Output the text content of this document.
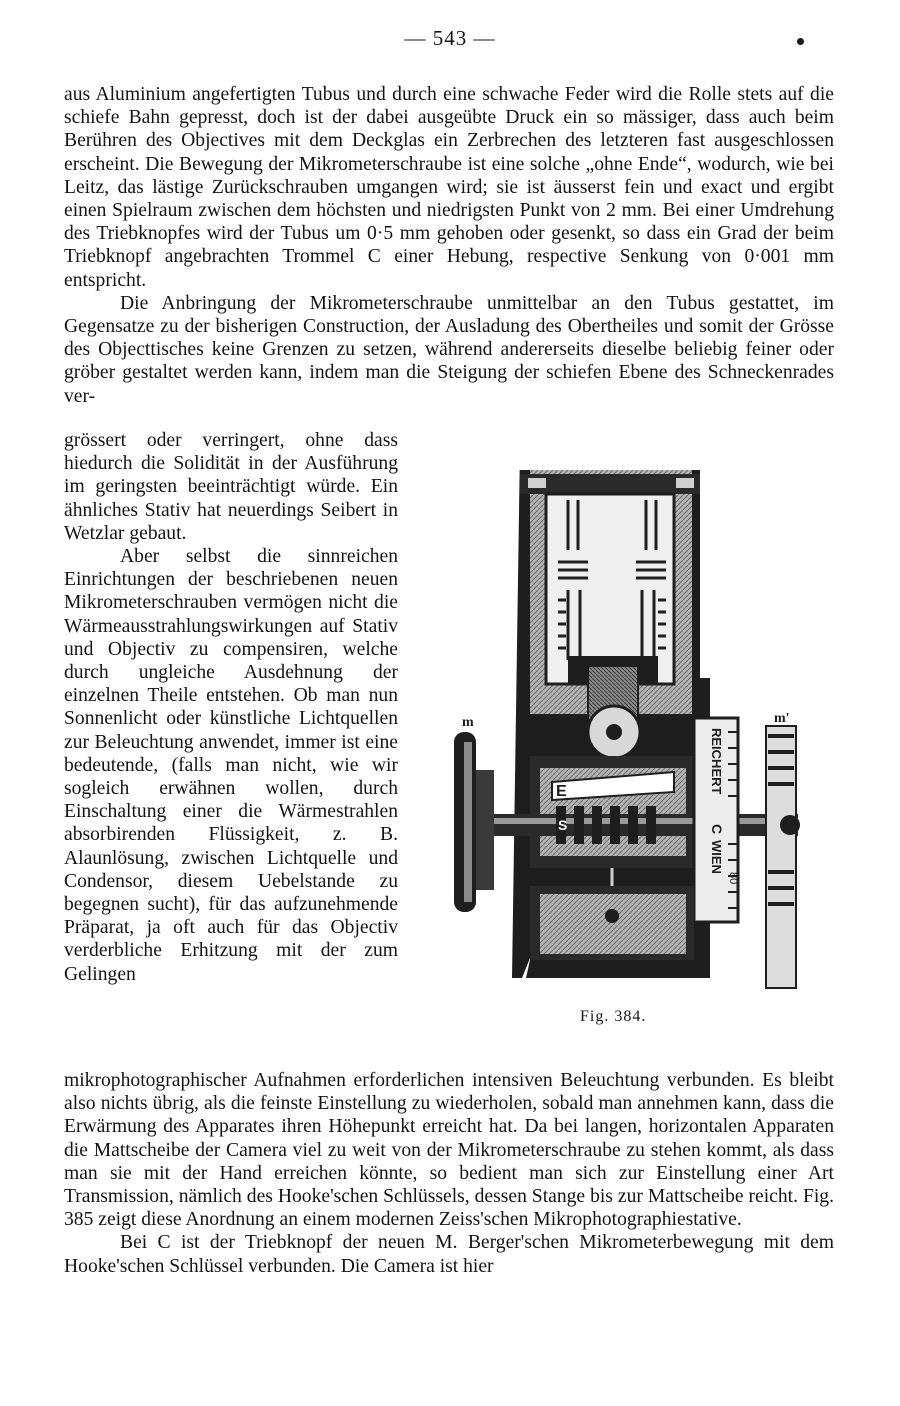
— 543 —

aus Aluminium angefertigten Tubus und durch eine schwache Feder wird die Rolle stets auf die schiefe Bahn gepresst, doch ist der dabei ausgeübte Druck ein so mässiger, dass auch beim Berühren des Objectives mit dem Deckglas ein Zerbrechen des letzteren fast ausgeschlossen erscheint. Die Bewegung der Mikrometerschraube ist eine solche „ohne Ende“, wodurch, wie bei Leitz, das lästige Zurückschrauben umgangen wird; sie ist äusserst fein und exact und ergibt einen Spielraum zwischen dem höchsten und niedrigsten Punkt von 2 mm. Bei einer Umdrehung des Triebknopfes wird der Tubus um 0·5 mm gehoben oder gesenkt, so dass ein Grad der beim Triebknopf angebrachten Trommel C einer Hebung, respective Senkung von 0·001 mm entspricht.

Die Anbringung der Mikrometerschraube unmittelbar an den Tubus gestattet, im Gegensatze zu der bisherigen Construction, der Ausladung des Obertheiles und somit der Grösse des Objecttisches keine Grenzen zu setzen, während andererseits dieselbe beliebig feiner oder gröber gestaltet werden kann, indem man die Steigung der schiefen Ebene des Schneckenrades ver-

grössert oder verringert, ohne dass hiedurch die Solidität in der Ausführung im geringsten beeinträchtigt würde. Ein ähnliches Stativ hat neuerdings Seibert in Wetzlar gebaut.

Aber selbst die sinnreichen Einrichtungen der beschriebenen neuen Mikrometerschrauben vermögen nicht die Wärmeausstrahlungswirkungen auf Stativ und Objectiv zu compensiren, welche durch ungleiche Ausdehnung der einzelnen Theile entstehen. Ob man nun Sonnenlicht oder künstliche Lichtquellen zur Beleuchtung anwendet, immer ist eine bedeutende, (falls man nicht, wie wir sogleich erwähnen wollen, durch Einschaltung einer die Wärmestrahlen absorbirenden Flüssigkeit, z. B. Alaunlösung, zwischen Lichtquelle und Condensor, diesem Uebelstande zu begegnen sucht), für das aufzunehmende Präparat, ja oft auch für das Objectiv verderbliche Erhitzung mit der zum Gelingen

R
E
S
m
REICHERT
C
WIEN
80
m'
Fig. 384.

mikrophotographischer Aufnahmen erforderlichen intensiven Beleuchtung verbunden. Es bleibt also nichts übrig, als die feinste Einstellung zu wiederholen, sobald man annehmen kann, dass die Erwärmung des Apparates ihren Höhepunkt erreicht hat. Da bei langen, horizontalen Apparaten die Mattscheibe der Camera viel zu weit von der Mikrometerschraube zu stehen kommt, als dass man sie mit der Hand erreichen könnte, so bedient man sich zur Einstellung einer Art Transmission, nämlich des Hooke'schen Schlüssels, dessen Stange bis zur Mattscheibe reicht. Fig. 385 zeigt diese Anordnung an einem modernen Zeiss'schen Mikrophotographiestative.

Bei C ist der Triebknopf der neuen M. Berger'schen Mikrometerbewegung mit dem Hooke'schen Schlüssel verbunden. Die Camera ist hier
